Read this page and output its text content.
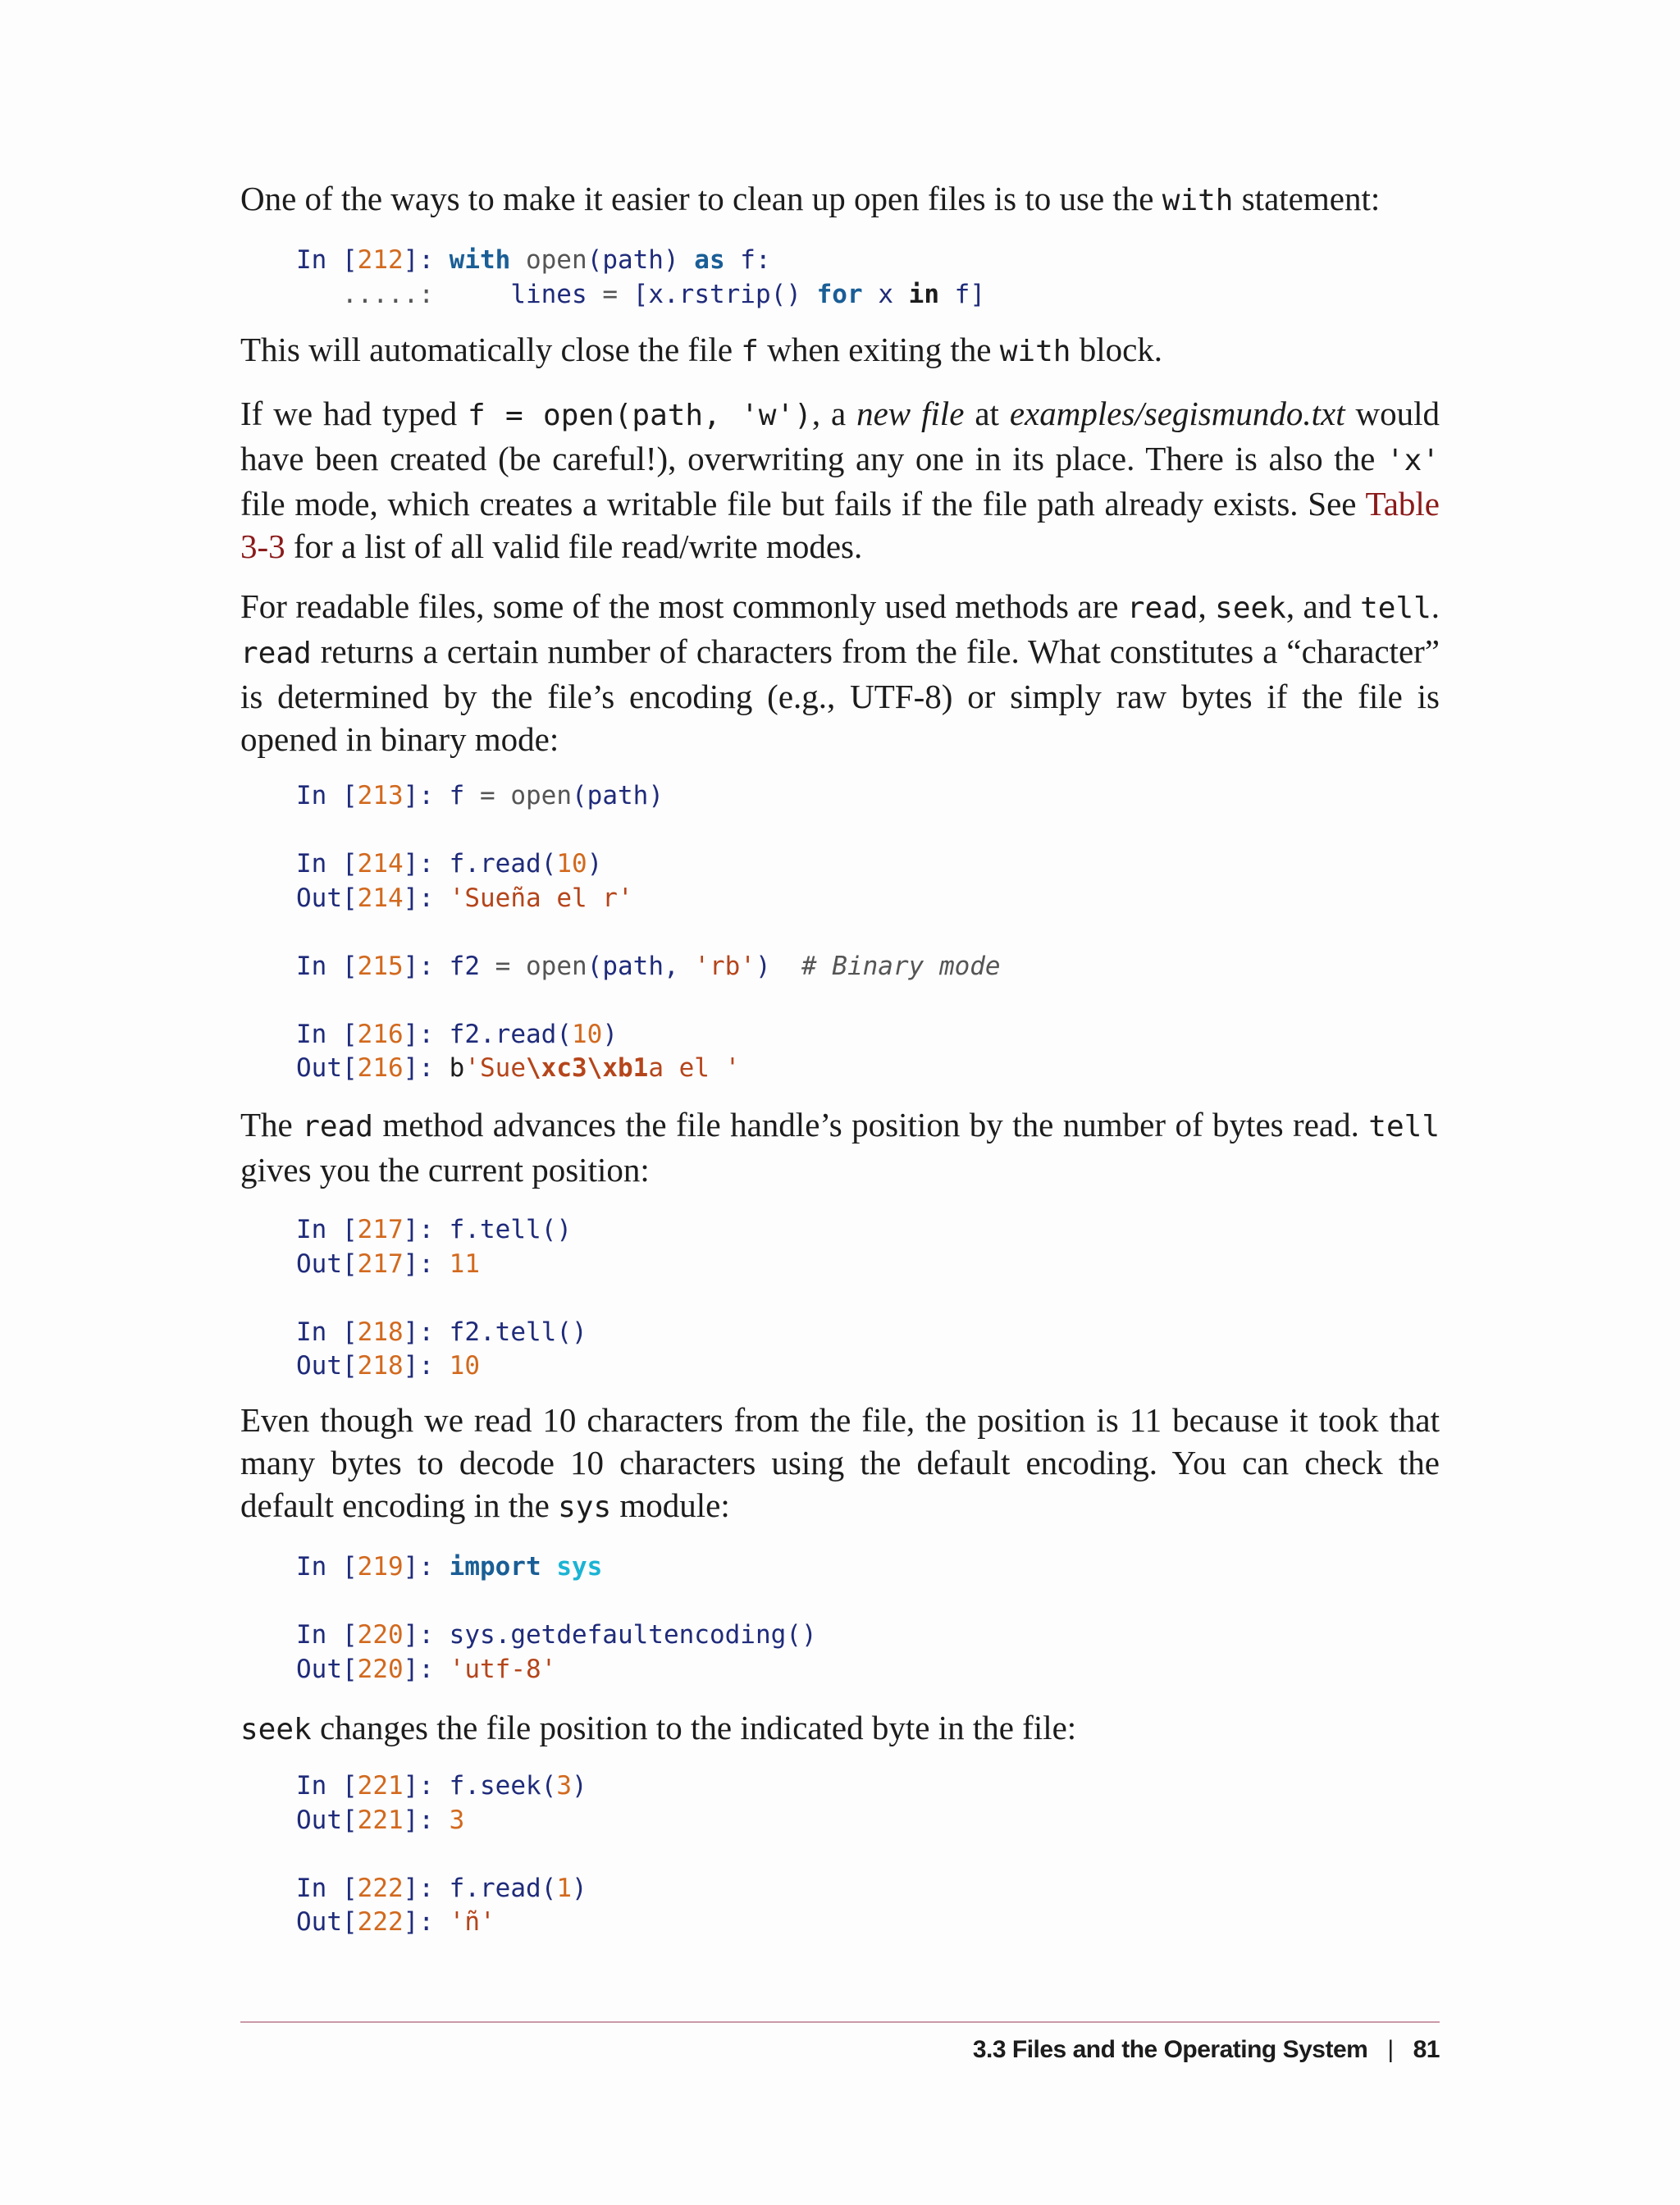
One of the ways to make it easier to clean up open files is to use the with statement:

In [212]: with open(path) as f:
.....:	lines = [x.rstrip() for x in f]

This will automatically close the file f when exiting the with block.

If we had typed f = open(path, 'w'), a new file at examples/segismundo.txt would have been created (be careful!), overwriting any one in its place. There is also the 'x' file mode, which creates a writable file but fails if the file path already exists. See Table 3-3 for a list of all valid file read/write modes.

For readable files, some of the most commonly used methods are read, seek, and tell. read returns a certain number of characters from the file. What constitutes a “character” is determined by the file’s encoding (e.g., UTF-8) or simply raw bytes if the file is opened in binary mode:

In [213]: f = open(path)

In [214]: f.read(10)
Out[214]: 'Sueña el r'

In [215]: f2 = open(path, 'rb')  # Binary mode

In [216]: f2.read(10)
Out[216]: b'Sue\xc3\xb1a el '

The read method advances the file handle’s position by the number of bytes read. tell gives you the current position:

In [217]: f.tell()
Out[217]: 11

In [218]: f2.tell()
Out[218]: 10

Even though we read 10 characters from the file, the position is 11 because it took that many bytes to decode 10 characters using the default encoding. You can check the default encoding in the sys module:

In [219]: import sys

In [220]: sys.getdefaultencoding()
Out[220]: 'utf-8'

seek changes the file position to the indicated byte in the file:

In [221]: f.seek(3)
Out[221]: 3

In [222]: f.read(1)
Out[222]: 'ñ'
3.3 Files and the Operating System | 81
